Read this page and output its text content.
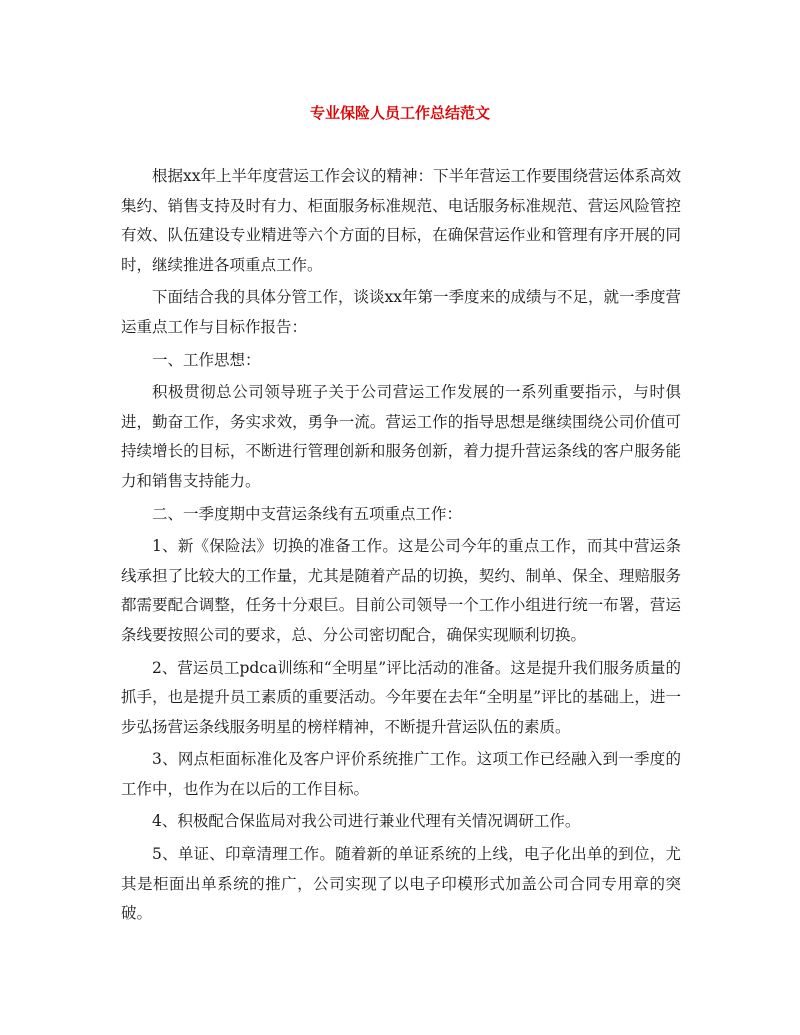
专业保险人员工作总结范文

根据xx年上半年度营运工作会议的精神：下半年营运工作要围绕营运体系高效集约、销售支持及时有力、柜面服务标准规范、电话服务标准规范、营运风险管控有效、队伍建设专业精进等六个方面的目标，在确保营运作业和管理有序开展的同时，继续推进各项重点工作。

下面结合我的具体分管工作，谈谈xx年第一季度来的成绩与不足，就一季度营运重点工作与目标作报告：

一、工作思想：

积极贯彻总公司领导班子关于公司营运工作发展的一系列重要指示，与时俱进，勤奋工作，务实求效，勇争一流。营运工作的指导思想是继续围绕公司价值可持续增长的目标，不断进行管理创新和服务创新，着力提升营运条线的客户服务能力和销售支持能力。

二、一季度期中支营运条线有五项重点工作：

1、新《保险法》切换的准备工作。这是公司今年的重点工作，而其中营运条线承担了比较大的工作量，尤其是随着产品的切换，契约、制单、保全、理赔服务都需要配合调整，任务十分艰巨。目前公司领导一个工作小组进行统一布署，营运条线要按照公司的要求，总、分公司密切配合，确保实现顺利切换。

2、营运员工pdca训练和“全明星”评比活动的准备。这是提升我们服务质量的抓手，也是提升员工素质的重要活动。今年要在去年“全明星”评比的基础上，进一步弘扬营运条线服务明星的榜样精神，不断提升营运队伍的素质。

3、网点柜面标准化及客户评价系统推广工作。这项工作已经融入到一季度的工作中，也作为在以后的工作目标。

4、积极配合保监局对我公司进行兼业代理有关情况调研工作。

5、单证、印章清理工作。随着新的单证系统的上线，电子化出单的到位，尤其是柜面出单系统的推广，公司实现了以电子印模形式加盖公司合同专用章的突破。
